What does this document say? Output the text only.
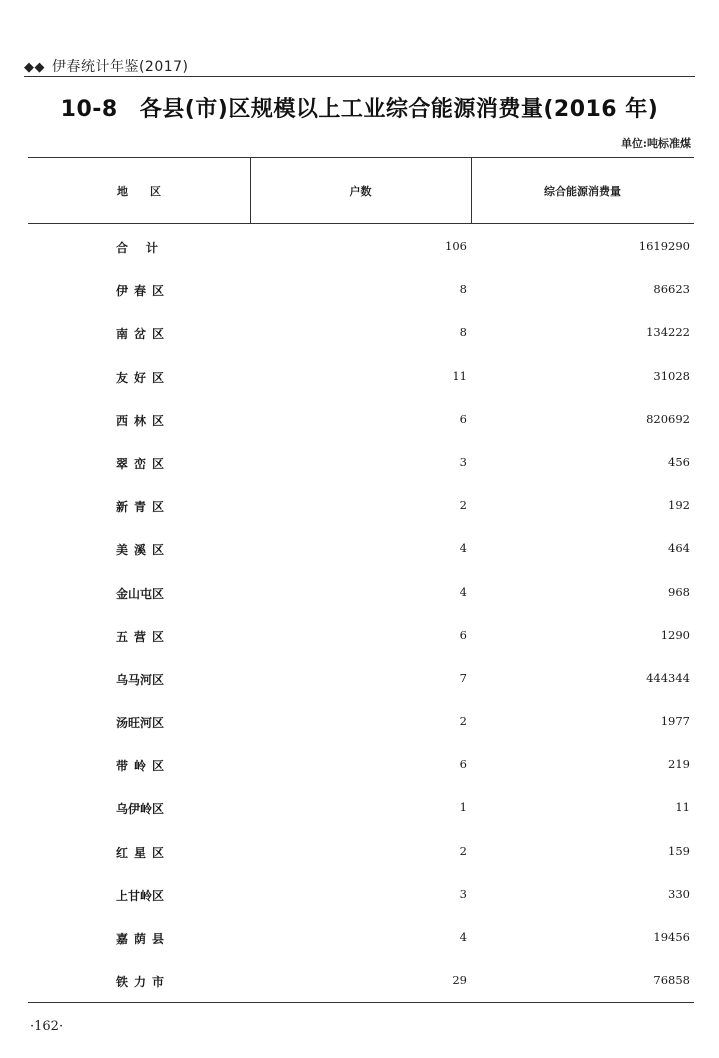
◆◆ 伊春统计年鉴(2017)
10-8 各县(市)区规模以上工业综合能源消费量(2016 年)
单位:吨标准煤
地区	户数	综合能源消费量
合计	106	1619290
伊春区	8	86623
南岔区	8	134222
友好区	11	31028
西林区	6	820692
翠峦区	3	456
新青区	2	192
美溪区	4	464
金山屯区	4	968
五营区	6	1290
乌马河区	7	444344
汤旺河区	2	1977
带岭区	6	219
乌伊岭区	1	11
红星区	2	159
上甘岭区	3	330
嘉荫县	4	19456
铁力市	29	76858
·162·
